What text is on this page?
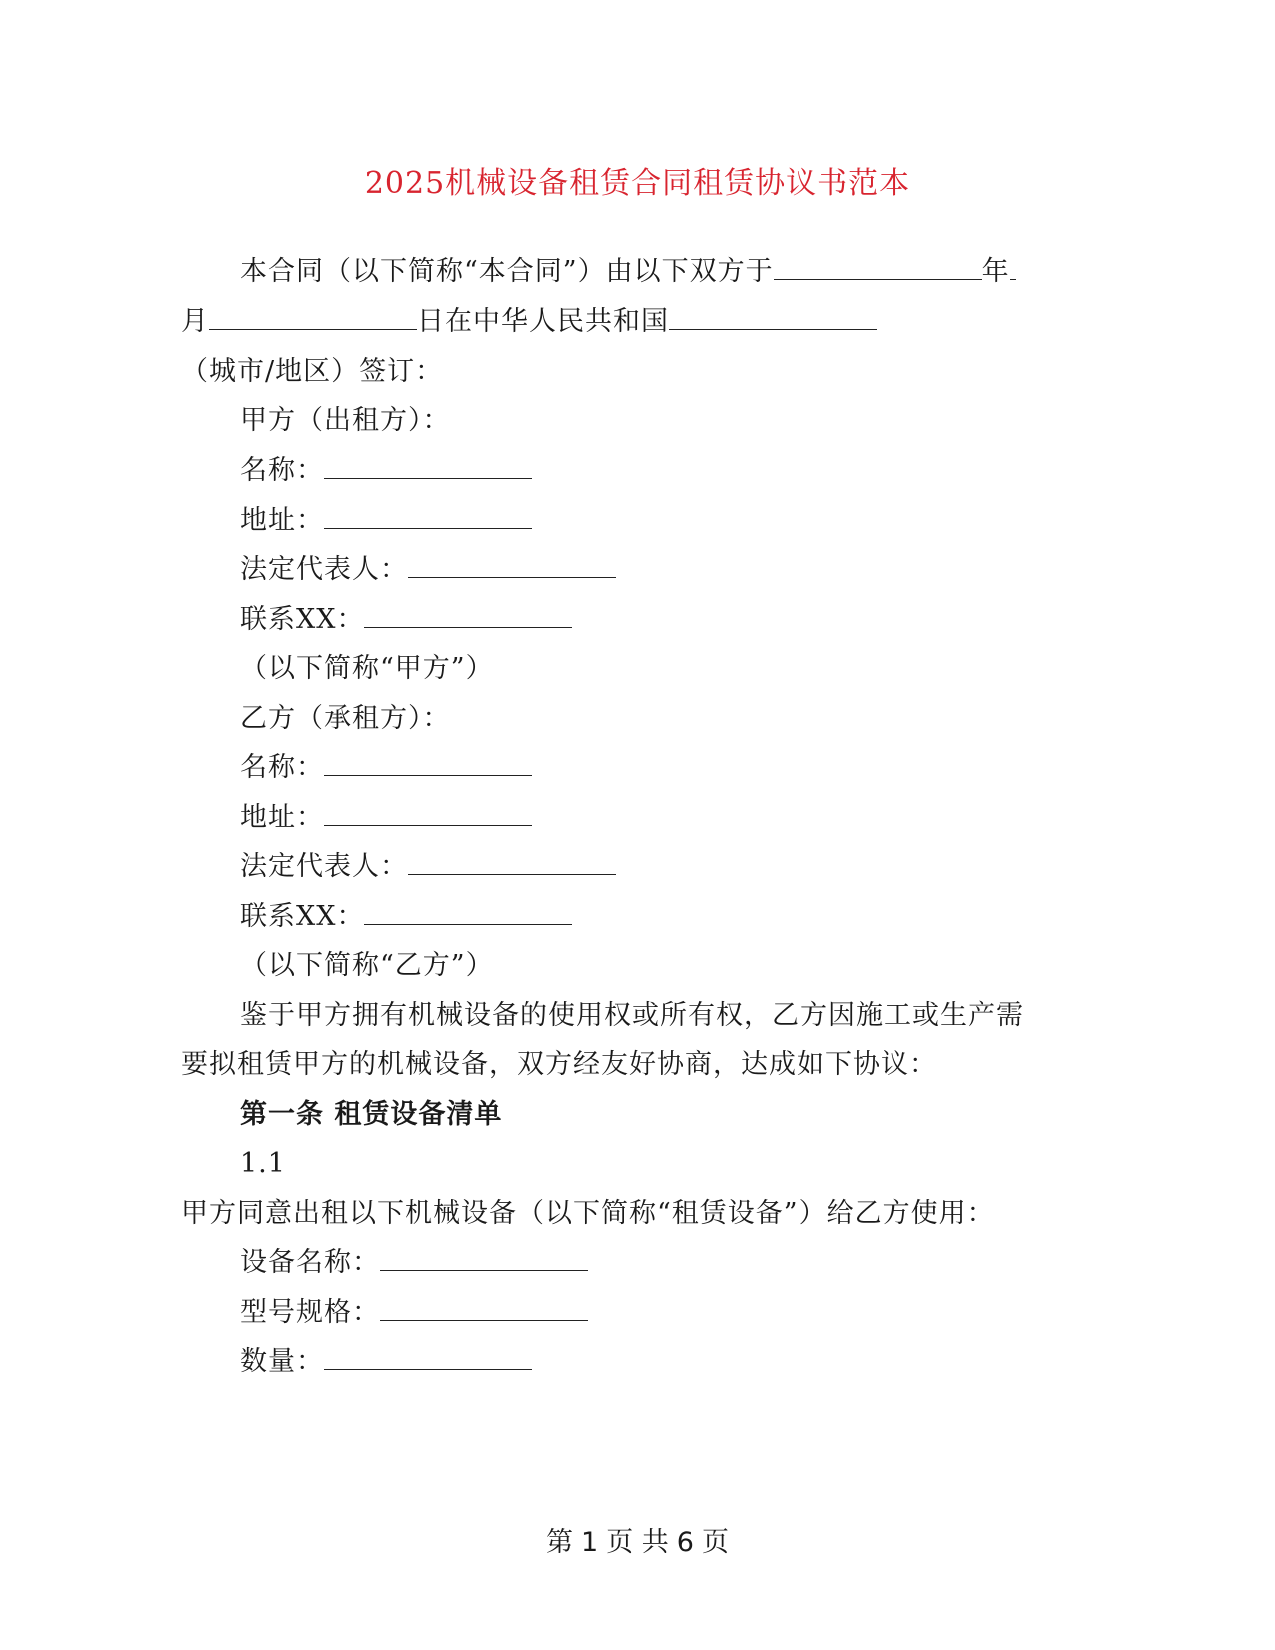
2025机械设备租赁合同租赁协议书范本
本合同（以下简称“本合同”）由以下双方于	年
月	日在中华人民共和国
（城市/地区）签订：
甲方（出租方）：
名称：
地址：
法定代表人：
联系XX：
（以下简称“甲方”）
乙方（承租方）：
名称：
地址：
法定代表人：
联系XX：
（以下简称“乙方”）
鉴于甲方拥有机械设备的使用权或所有权，乙方因施工或生产需
要拟租赁甲方的机械设备，双方经友好协商，达成如下协议：
第一条 租赁设备清单
1.1
甲方同意出租以下机械设备（以下简称“租赁设备”）给乙方使用：
设备名称：
型号规格：
数量：
第 1 页 共 6 页
